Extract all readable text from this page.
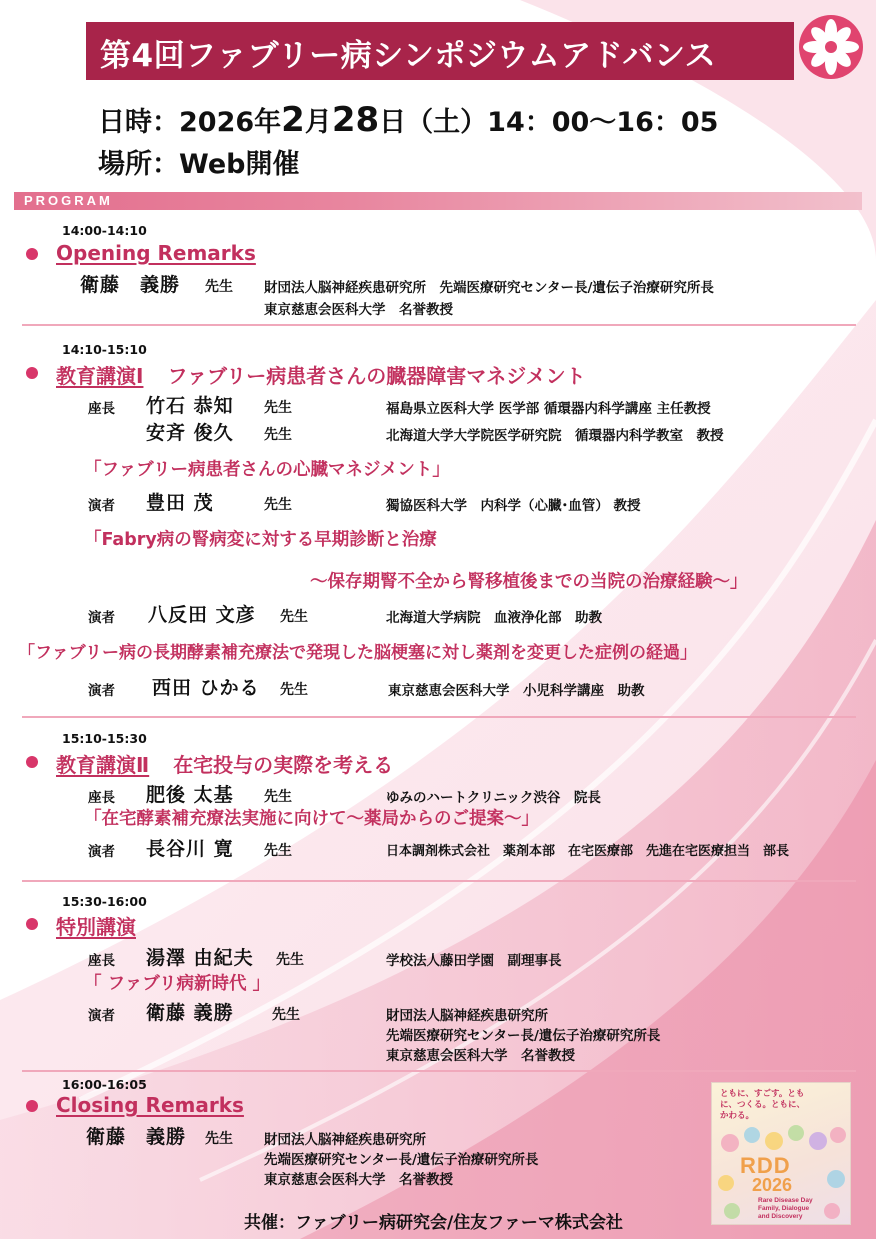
第4回ファブリー病シンポジウムアドバンス
日時：2026年2月28日（土）14：00～16：05
場所：Web開催
PROGRAM
14:00-14:10
Opening Remarks
衛藤　義勝 先生 財団法人脳神経疾患研究所　先端医療研究センター長/遺伝子治療研究所長
東京慈恵会医科大学　名誉教授
14:10-15:10
教育講演Ⅰ ファブリー病患者さんの臓器障害マネジメント
座長 竹石 恭知 先生	福島県立医科大学 医学部 循環器内科学講座 主任教授
安斉 俊久 先生	北海道大学大学院医学研究院　循環器内科学教室　教授
「ファブリー病患者さんの心臓マネジメント」
演者 豊田 茂	先生	獨協医科大学　内科学（心臓･血管） 教授
「Fabry病の腎病変に対する早期診断と治療
～保存期腎不全から腎移植後までの当院の治療経験～」
演者 八反田 文彦 先生	北海道大学病院　血液浄化部　助教
「ファブリー病の長期酵素補充療法で発現した脳梗塞に対し薬剤を変更した症例の経過」
演者 西田 ひかる 先生	東京慈恵会医科大学　小児科学講座　助教
15:10-15:30
教育講演Ⅱ 在宅投与の実際を考える
座長 肥後 太基 先生	ゆみのハートクリニック渋谷　院長
「在宅酵素補充療法実施に向けて～薬局からのご提案～」
演者 長谷川 寛 先生	日本調剤株式会社　薬剤本部　在宅医療部　先進在宅医療担当　部長
15:30-16:00
特別講演
座長 湯澤 由紀夫 先生	学校法人藤田学園　副理事長
「 ファブリ病新時代 」
演者 衛藤 義勝	先生	財団法人脳神経疾患研究所
先端医療研究センター長/遺伝子治療研究所長
東京慈恵会医科大学　名誉教授
16:00-16:05
Closing Remarks
衛藤　義勝 先生 財団法人脳神経疾患研究所
先端医療研究センター長/遺伝子治療研究所長
東京慈恵会医科大学　名誉教授
ともに、すごす。ともに、つくる。ともに、かわる。
RDD
2026
Rare Disease Day Family, Dialogue and Discovery
共催：ファブリー病研究会/住友ファーマ株式会社
